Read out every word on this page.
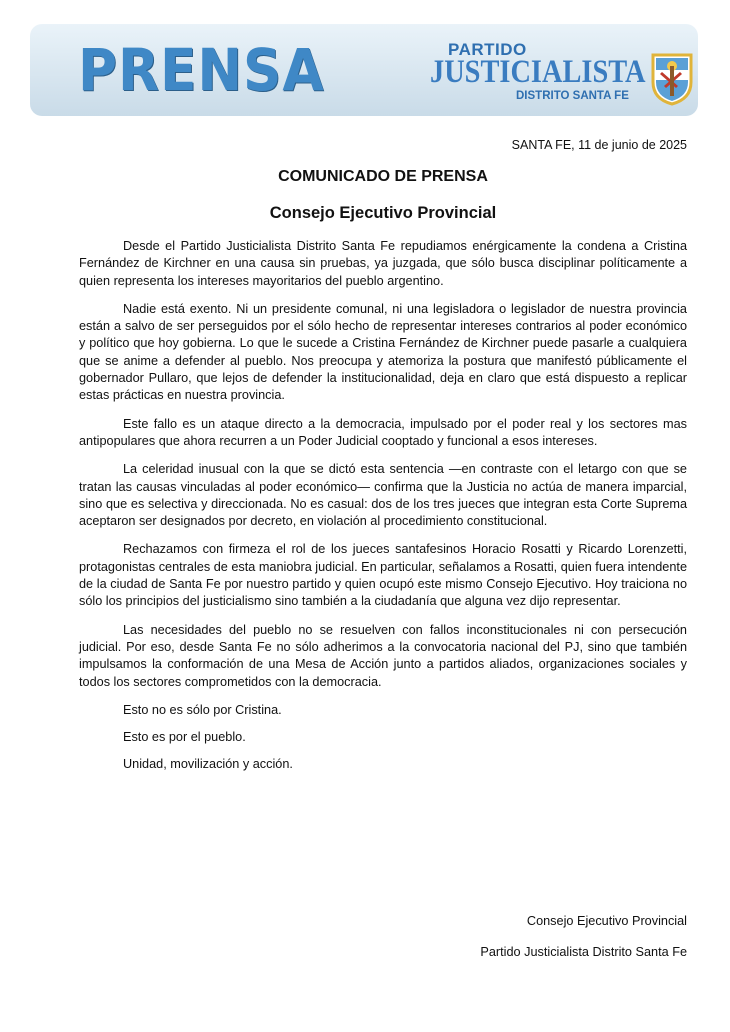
PRENSA	PARTIDO
JUSTICIALISTA
DISTRITO SANTA FE
SANTA FE, 11 de junio de 2025
COMUNICADO DE PRENSA
Consejo Ejecutivo Provincial

Desde el Partido Justicialista Distrito Santa Fe repudiamos enérgicamente la condena a Cristina Fernández de Kirchner en una causa sin pruebas, ya juzgada, que sólo busca disciplinar políticamente a quien representa los intereses mayoritarios del pueblo argentino.

Nadie está exento. Ni un presidente comunal, ni una legisladora o legislador de nuestra provincia están a salvo de ser perseguidos por el sólo hecho de representar intereses contrarios al poder económico y político que hoy gobierna. Lo que le sucede a Cristina Fernández de Kirchner puede pasarle a cualquiera que se anime a defender al pueblo. Nos preocupa y atemoriza la postura que manifestó públicamente el gobernador Pullaro, que lejos de defender la institucionalidad, deja en claro que está dispuesto a replicar estas prácticas en nuestra provincia.

Este fallo es un ataque directo a la democracia, impulsado por el poder real y los sectores mas antipopulares que ahora recurren a un Poder Judicial cooptado y funcional a esos intereses.

La celeridad inusual con la que se dictó esta sentencia —en contraste con el letargo con que se tratan las causas vinculadas al poder económico— confirma que la Justicia no actúa de manera imparcial, sino que es selectiva y direccionada. No es casual: dos de los tres jueces que integran esta Corte Suprema aceptaron ser designados por decreto, en violación al procedimiento constitucional.

Rechazamos con firmeza el rol de los jueces santafesinos Horacio Rosatti y Ricardo Lorenzetti, protagonistas centrales de esta maniobra judicial. En particular, señalamos a Rosatti, quien fuera intendente de la ciudad de Santa Fe por nuestro partido y quien ocupó este mismo Consejo Ejecutivo. Hoy traiciona no sólo los principios del justicialismo sino también a la ciudadanía que alguna vez dijo representar.

Las necesidades del pueblo no se resuelven con fallos inconstitucionales ni con persecución judicial. Por eso, desde Santa Fe no sólo adherimos a la convocatoria nacional del PJ, sino que también impulsamos la conformación de una Mesa de Acción junto a partidos aliados, organizaciones sociales y todos los sectores comprometidos con la democracia.

Esto no es sólo por Cristina.

Esto es por el pueblo.

Unidad, movilización y acción.

Consejo Ejecutivo Provincial
Partido Justicialista Distrito Santa Fe
